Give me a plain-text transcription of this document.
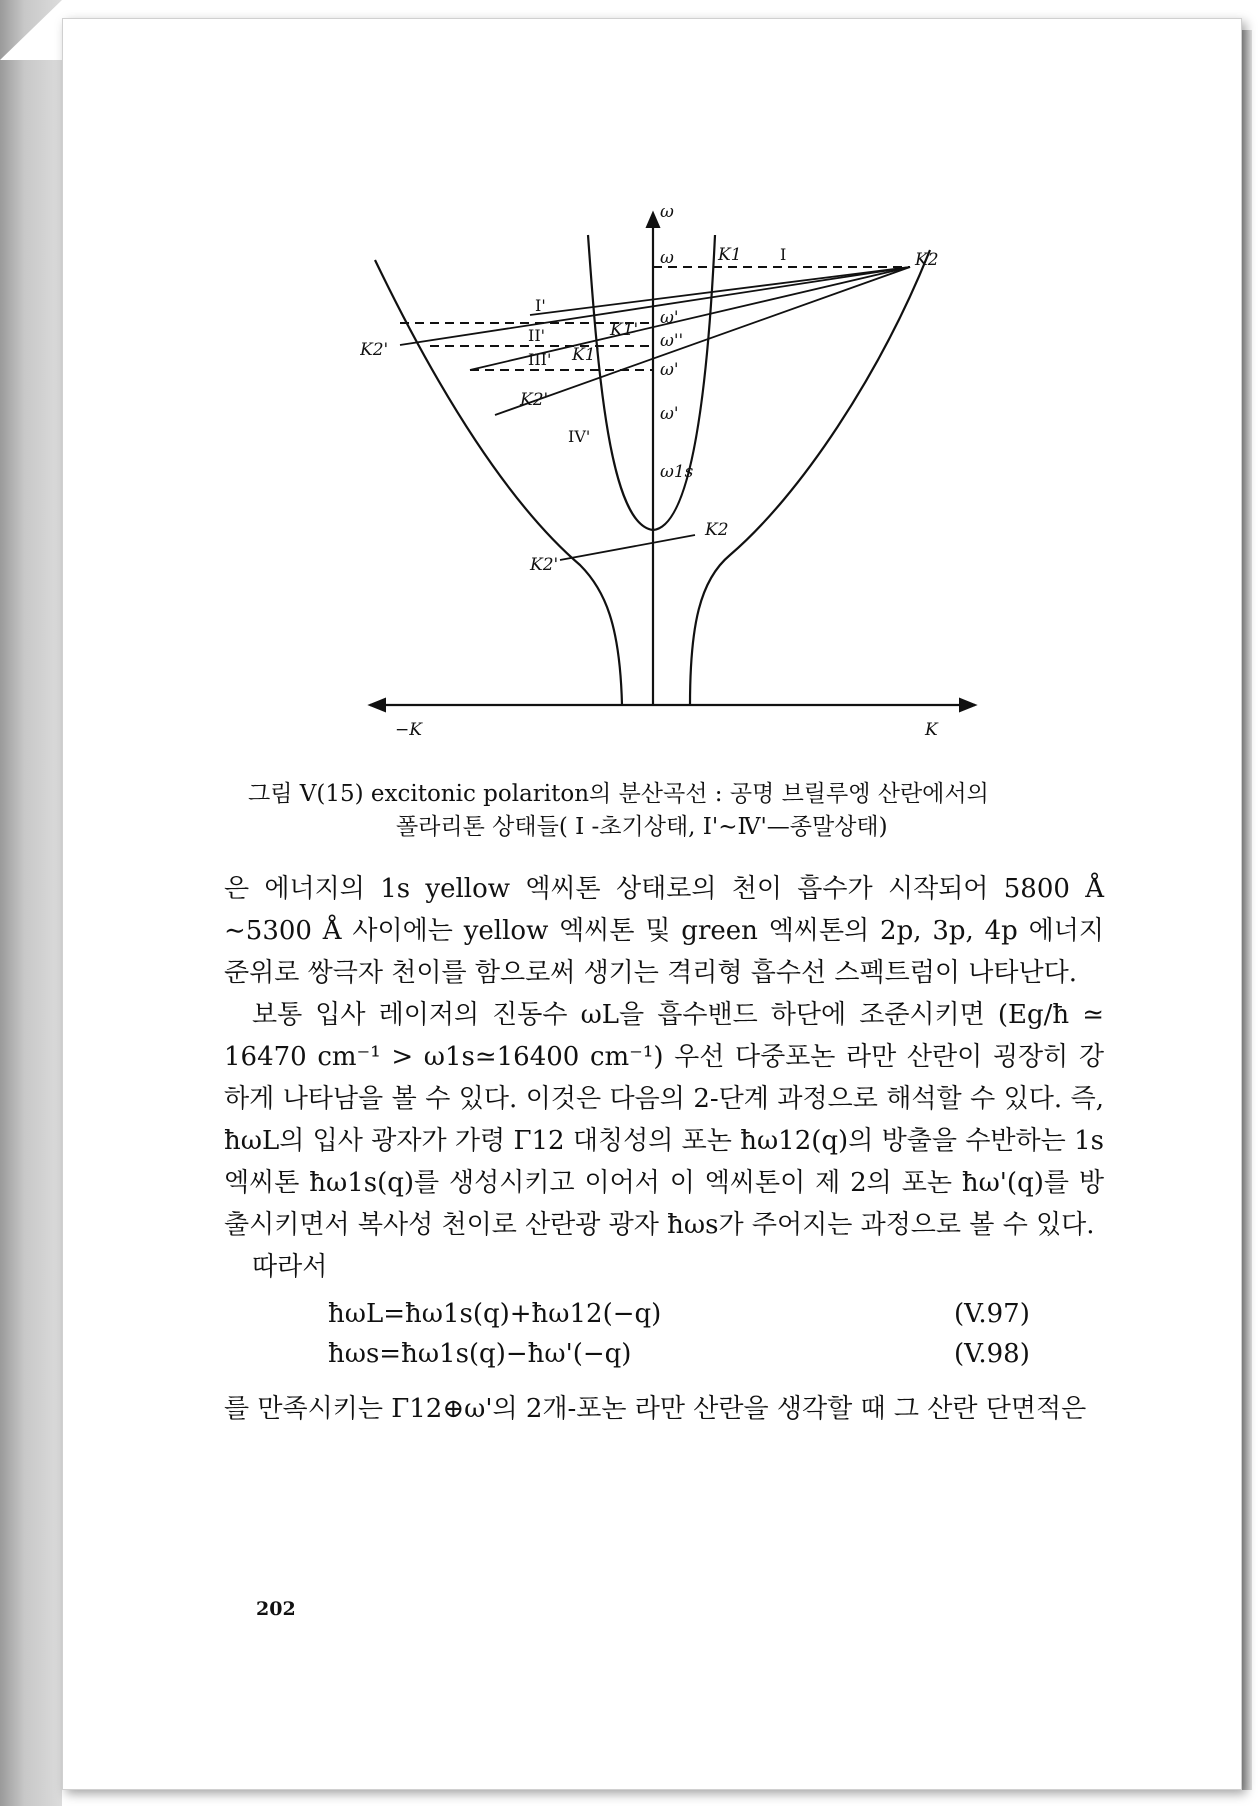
ω
ω
ω'
ω''
ω'
ω'
ω1s
K1	K2
K1'
K1'
K2'
K2'
K2
K2'
−K	K
I
I'
II'
III'
IV'
그림 V(15) excitonic polariton의 분산곡선 : 공명 브릴루엥 산란에서의
폴라리톤 상태들( I -초기상태, I'∼Ⅳ'—종말상태)

은 에너지의 1s yellow 엑씨톤 상태로의 천이 흡수가 시작되어 5800 Å ∼5300 Å 사이에는 yellow 엑씨톤 및 green 엑씨톤의 2p, 3p, 4p 에너지 준위로 쌍극자 천이를 함으로써 생기는 격리형 흡수선 스펙트럼이 나타난다.

보통 입사 레이저의 진동수 ωL을 흡수밴드 하단에 조준시키면 (Eg/ħ ≃ 16470 cm⁻¹ > ω1s≃16400 cm⁻¹) 우선 다중포논 라만 산란이 굉장히 강하게 나타남을 볼 수 있다. 이것은 다음의 2-단계 과정으로 해석할 수 있다. 즉, ħωL의 입사 광자가 가령 Γ12 대칭성의 포논 ħω12(q)의 방출을 수반하는 1s 엑씨톤 ħω1s(q)를 생성시키고 이어서 이 엑씨톤이 제 2의 포논 ħω'(q)를 방출시키면서 복사성 천이로 산란광 광자 ħωs가 주어지는 과정으로 볼 수 있다.

따라서

ħωL=ħω1s(q)+ħω12(−q)	(V.97)
ħωs=ħω1s(q)−ħω'(−q)	(V.98)

를 만족시키는 Γ12⊕ω'의 2개-포논 라만 산란을 생각할 때 그 산란 단면적은

202
